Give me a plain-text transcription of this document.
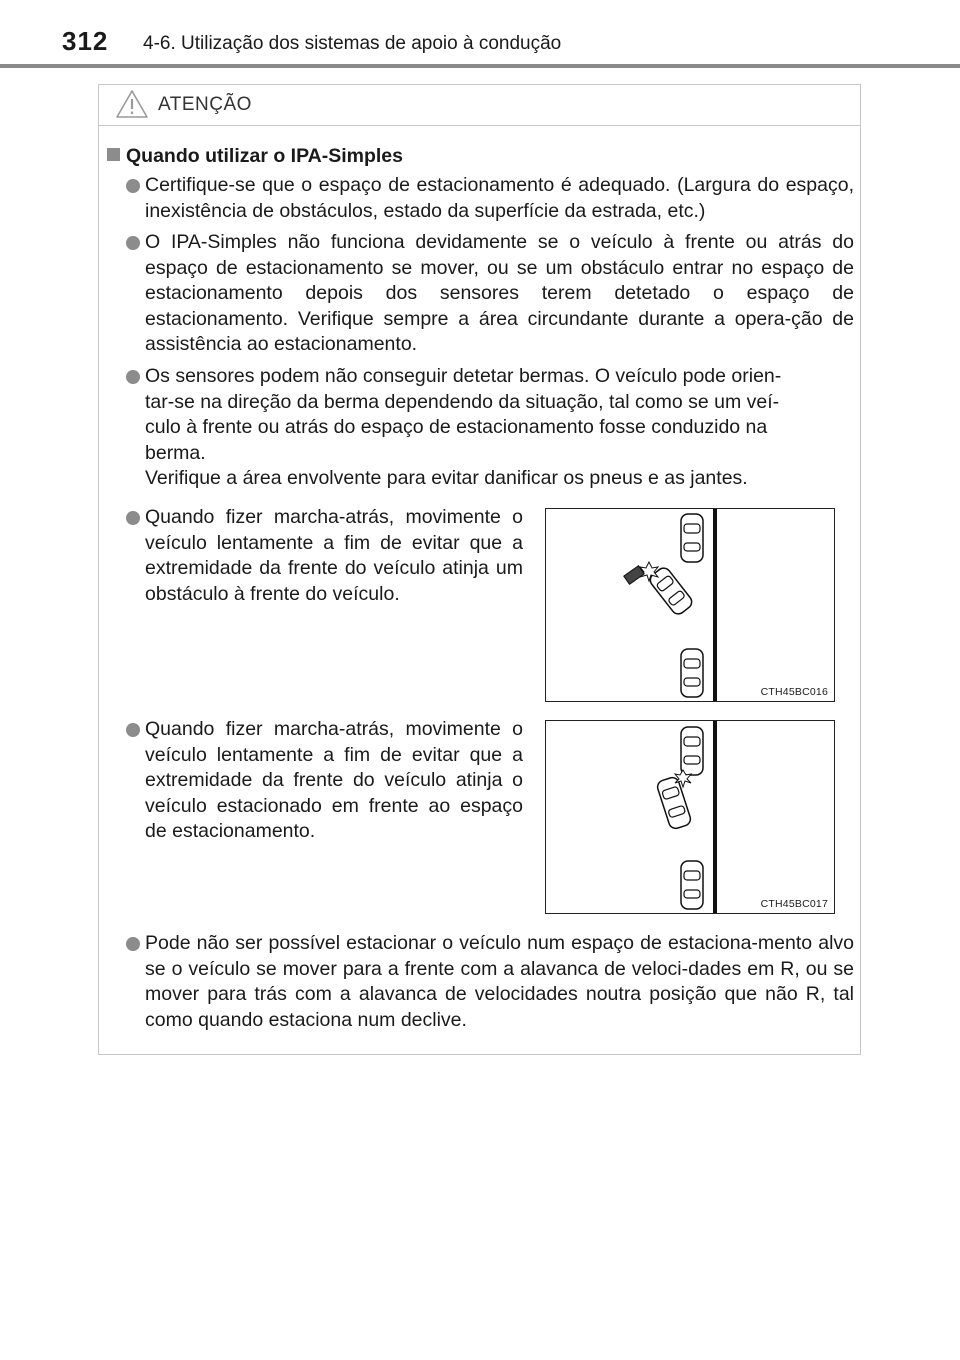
312 4-6. Utilização dos sistemas de apoio à condução
ATENÇÃO
Quando utilizar o IPA-Simples
Certifique-se que o espaço de estacionamento é adequado. (Largura do espaço, inexistência de obstáculos, estado da superfície da estrada, etc.)
O IPA-Simples não funciona devidamente se o veículo à frente ou atrás do espaço de estacionamento se mover, ou se um obstáculo entrar no espaço de estacionamento depois dos sensores terem detetado o espaço de estacionamento. Verifique sempre a área circundante durante a opera-ção de assistência ao estacionamento.
Os sensores podem não conseguir detetar bermas. O veículo pode orien-
tar-se na direção da berma dependendo da situação, tal como se um veí-
culo à frente ou atrás do espaço de estacionamento fosse conduzido na
berma.
Verifique a área envolvente para evitar danificar os pneus e as jantes.
Quando fizer marcha-atrás, movimente o veículo lentamente a fim de evitar que a extremidade da frente do veículo atinja um obstáculo à frente do veículo.
CTH45BC016
Quando fizer marcha-atrás, movimente o veículo lentamente a fim de evitar que a extremidade da frente do veículo atinja o veículo estacionado em frente ao espaço de estacionamento.
CTH45BC017
Pode não ser possível estacionar o veículo num espaço de estaciona-mento alvo se o veículo se mover para a frente com a alavanca de veloci-dades em R, ou se mover para trás com a alavanca de velocidades noutra posição que não R, tal como quando estaciona num declive.
